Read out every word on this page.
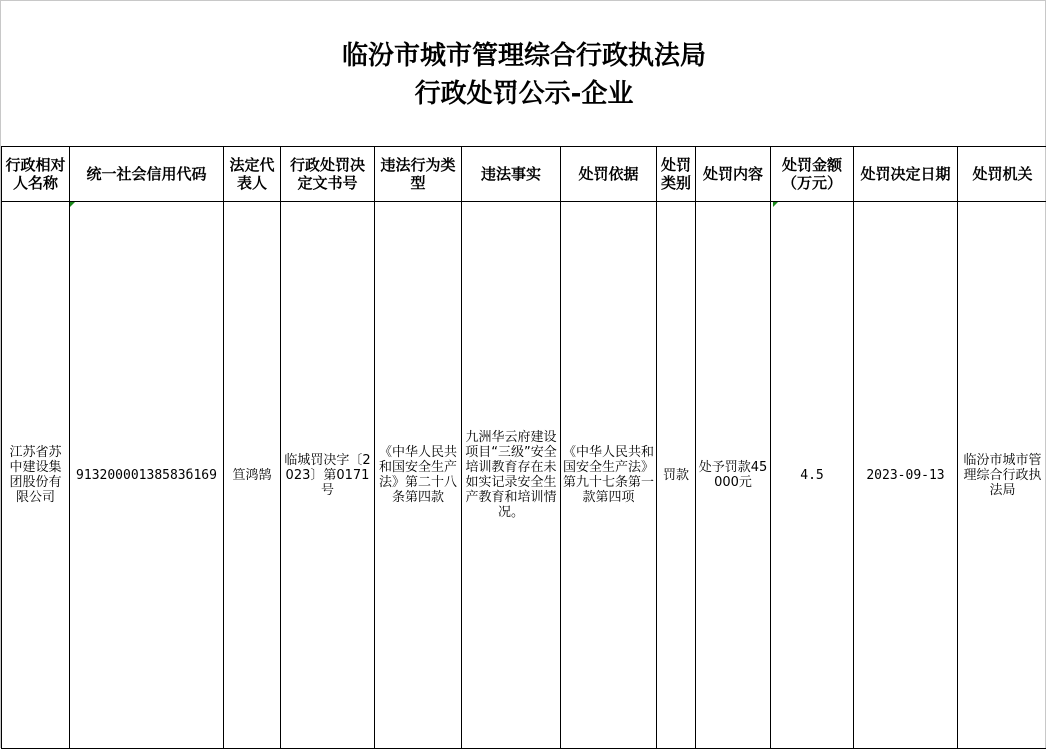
临汾市城市管理综合行政执法局
行政处罚公示-企业
行政相对人名称	统一社会信用代码	法定代表人	行政处罚决定文书号	违法行为类型	违法事实	处罚依据	处罚类别	处罚内容	处罚金额（万元）	处罚决定日期	处罚机关
江苏省苏中建设集团股份有限公司	91320000138583б169	笪鸿鹄	临城罚决字〔2023〕第0171号	《中华人民共和国安全生产法》第二十八条第四款	九洲华云府建设项目“三级”安全培训教育存在未如实记录安全生产教育和培训情况。	《中华人民共和国安全生产法》第九十七条第一款第四项	罚款	处予罚款45000元	4.5	2023-09-13	临汾市城市管理综合行政执法局
